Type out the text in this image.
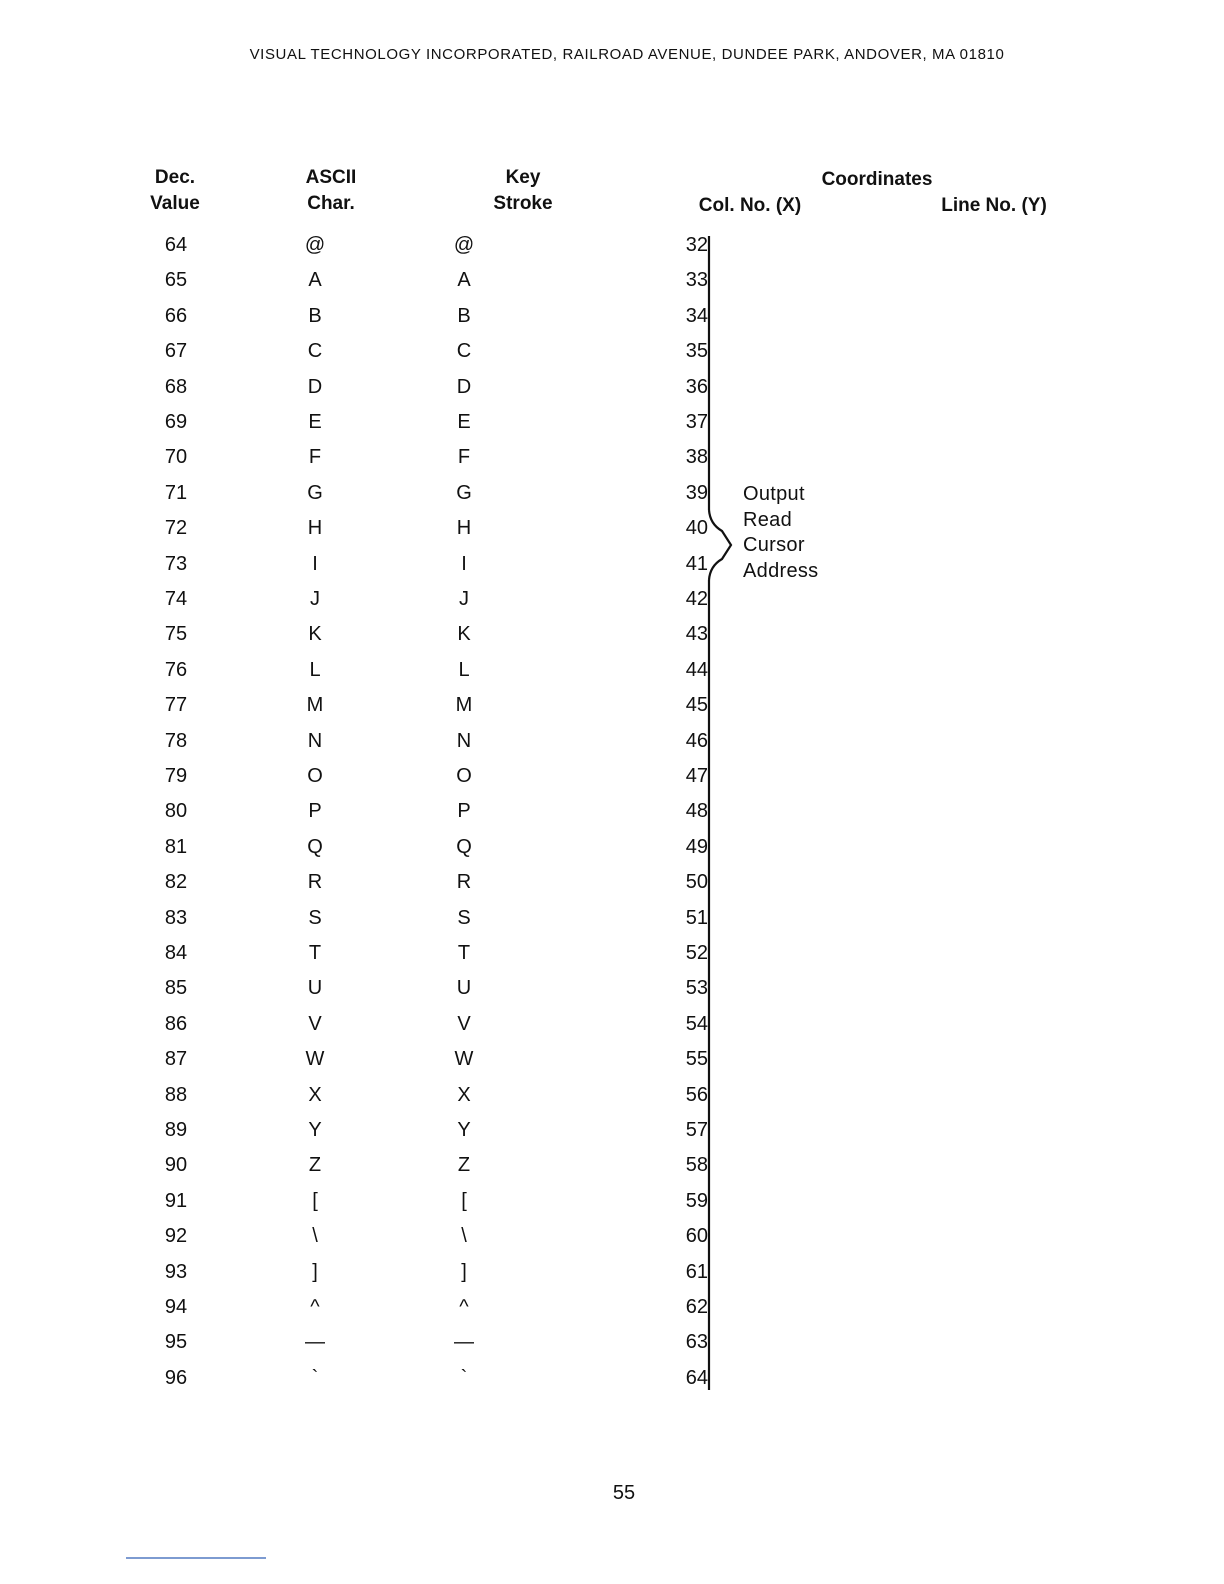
VISUAL TECHNOLOGY INCORPORATED, RAILROAD AVENUE, DUNDEE PARK, ANDOVER, MA 01810
Dec.
Value
ASCII
Char.
Key
Stroke
Coordinates
Col. No. (X)	Line No. (Y)
64	@	@	32
65	A	A	33
66	B	B	34
67	C	C	35
68	D	D	36
69	E	E	37
70	F	F	38
71	G	G	39
72	H	H	40
73	I	I	41
74	J	J	42
75	K	K	43
76	L	L	44
77	M	M	45
78	N	N	46
79	O	O	47
80	P	P	48
81	Q	Q	49
82	R	R	50
83	S	S	51
84	T	T	52
85	U	U	53
86	V	V	54
87	W	W	55
88	X	X	56
89	Y	Y	57
90	Z	Z	58
91	[	[	59
92	\	\	60
93	]	]	61
94	^	^	62
95	—	—	63
96	`	`	64
Output
Read
Cursor
Address
55
